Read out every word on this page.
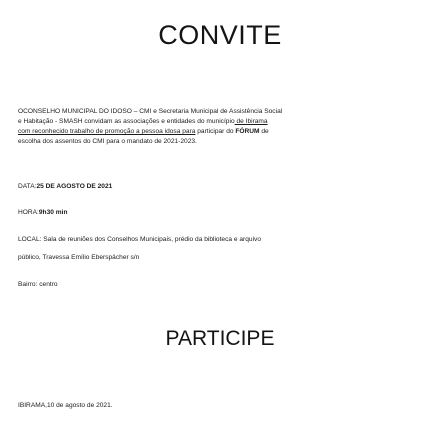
CONVITE
OCONSELHO MUNICIPAL DO IDOSO – CMI e Secretaria Municipal de Assistência Social
e Habitação - SMASH convidam as associações e entidades do município de Ibirama
com reconhecido trabalho de promoção a pessoa idosa para participar do FÓRUM de
escolha dos assentos do CMI para o mandato de 2021-2023.
DATA:25 DE AGOSTO DE 2021
HORA:9h30 min
LOCAL: Sala de reuniões dos Conselhos Municipais, prédio da biblioteca e arquivo
público, Travessa Emílio Eberspächer s/n
Bairro: centro
PARTICIPE
IBIRAMA,10 de agosto de 2021.
